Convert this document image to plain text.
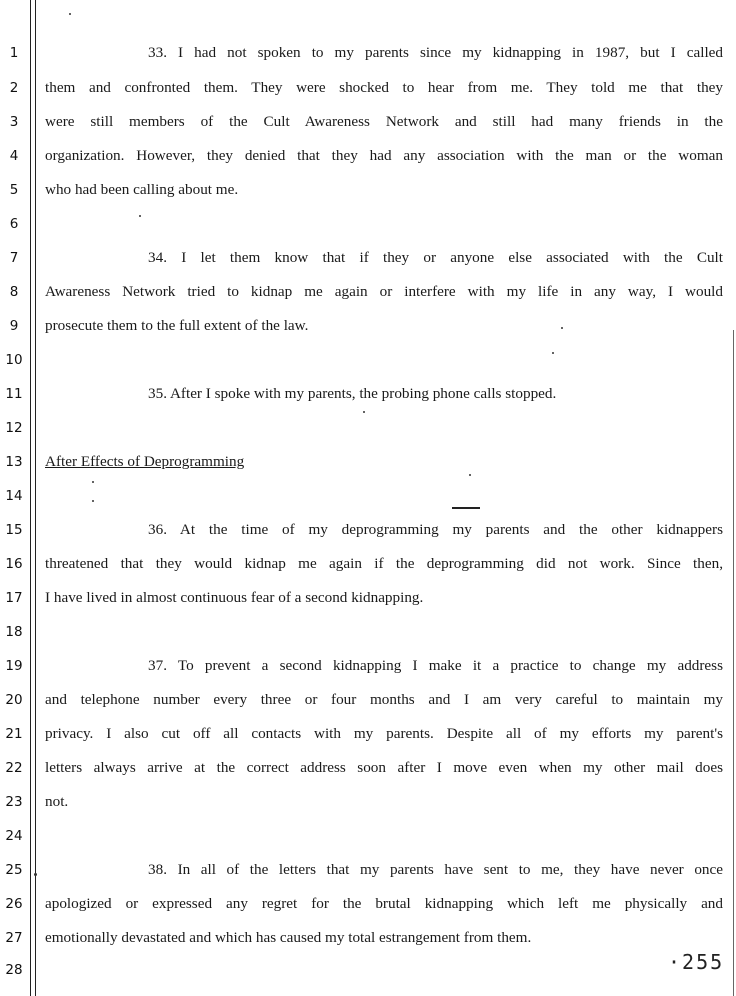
1
2
3
4
5
6
7
8
9
10
11
12
13
14
15
16
17
18
19
20
21
22
23
24
25
26
27
28
33. I had not spoken to my parents since my kidnapping in 1987, but I called
them and confronted them. They were shocked to hear from me. They told me that they
were still members of the Cult Awareness Network and still had many friends in the
organization. However, they denied that they had any association with the man or the woman
who had been calling about me.
34. I let them know that if they or anyone else associated with the Cult
Awareness Network tried to kidnap me again or interfere with my life in any way, I would
prosecute them to the full extent of the law.
35. After I spoke with my parents, the probing phone calls stopped.
After Effects of Deprogramming
36. At the time of my deprogramming my parents and the other kidnappers
threatened that they would kidnap me again if the deprogramming did not work. Since then,
I have lived in almost continuous fear of a second kidnapping.
37. To prevent a second kidnapping I make it a practice to change my address
and telephone number every three or four months and I am very careful to maintain my
privacy. I also cut off all contacts with my parents. Despite all of my efforts my parent's
letters always arrive at the correct address soon after I move even when my other mail does
not.
38. In all of the letters that my parents have sent to me, they have never once
apologized or expressed any regret for the brutal kidnapping which left me physically and
emotionally devastated and which has caused my total estrangement from them.
·255
